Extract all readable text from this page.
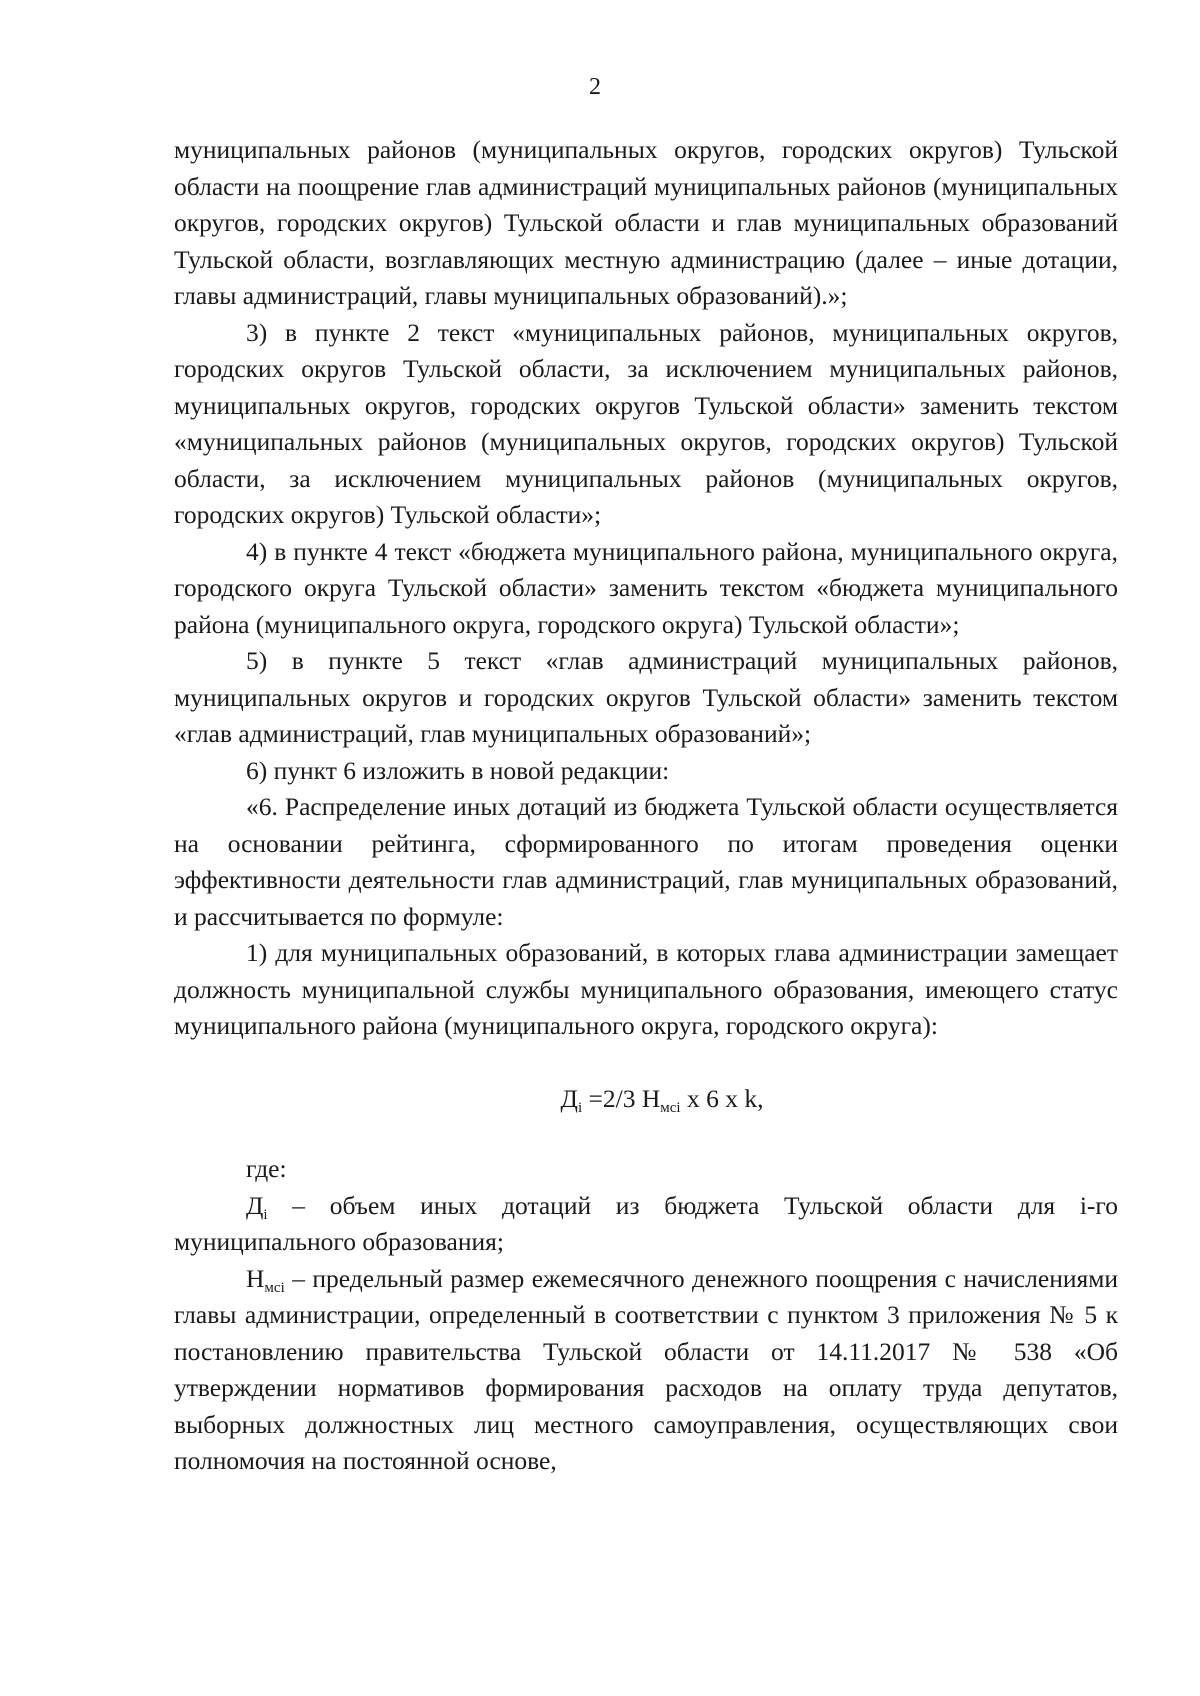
2

муниципальных районов (муниципальных округов, городских округов) Тульской области на поощрение глав администраций муниципальных районов (муниципальных округов, городских округов) Тульской области и глав муниципальных образований Тульской области, возглавляющих местную администрацию (далее – иные дотации, главы администраций, главы муниципальных образований).»;

3) в пункте 2 текст «муниципальных районов, муниципальных округов, городских округов Тульской области, за исключением муниципальных районов, муниципальных округов, городских округов Тульской области» заменить текстом «муниципальных районов (муниципальных округов, городских округов) Тульской области, за исключением муниципальных районов (муниципальных округов, городских округов) Тульской области»;

4) в пункте 4 текст «бюджета муниципального района, муниципального округа, городского округа Тульской области» заменить текстом «бюджета муниципального района (муниципального округа, городского округа) Тульской области»;

5) в пункте 5 текст «глав администраций муниципальных районов, муниципальных округов и городских округов Тульской области» заменить текстом «глав администраций, глав муниципальных образований»;

6) пункт 6 изложить в новой редакции:

«6. Распределение иных дотаций из бюджета Тульской области осуществляется на основании рейтинга, сформированного по итогам проведения оценки эффективности деятельности глав администраций, глав муниципальных образований, и рассчитывается по формуле:

1) для муниципальных образований, в которых глава администрации замещает должность муниципальной службы муниципального образования, имеющего статус муниципального района (муниципального округа, городского округа):

$Д_i =2/3$ $Н_{мсi}$ х 6 х k,

где:

$Д_i$ – объем иных дотаций из бюджета Тульской области для i-го муниципального образования;

$Н_{мсi}$ – предельный размер ежемесячного денежного поощрения с начислениями главы администрации, определенный в соответствии с пунктом 3 приложения № 5 к постановлению правительства Тульской области от 14.11.2017 № 538 «Об утверждении нормативов формирования расходов на оплату труда депутатов, выборных должностных лиц местного самоуправления, осуществляющих свои полномочия на постоянной основе,
